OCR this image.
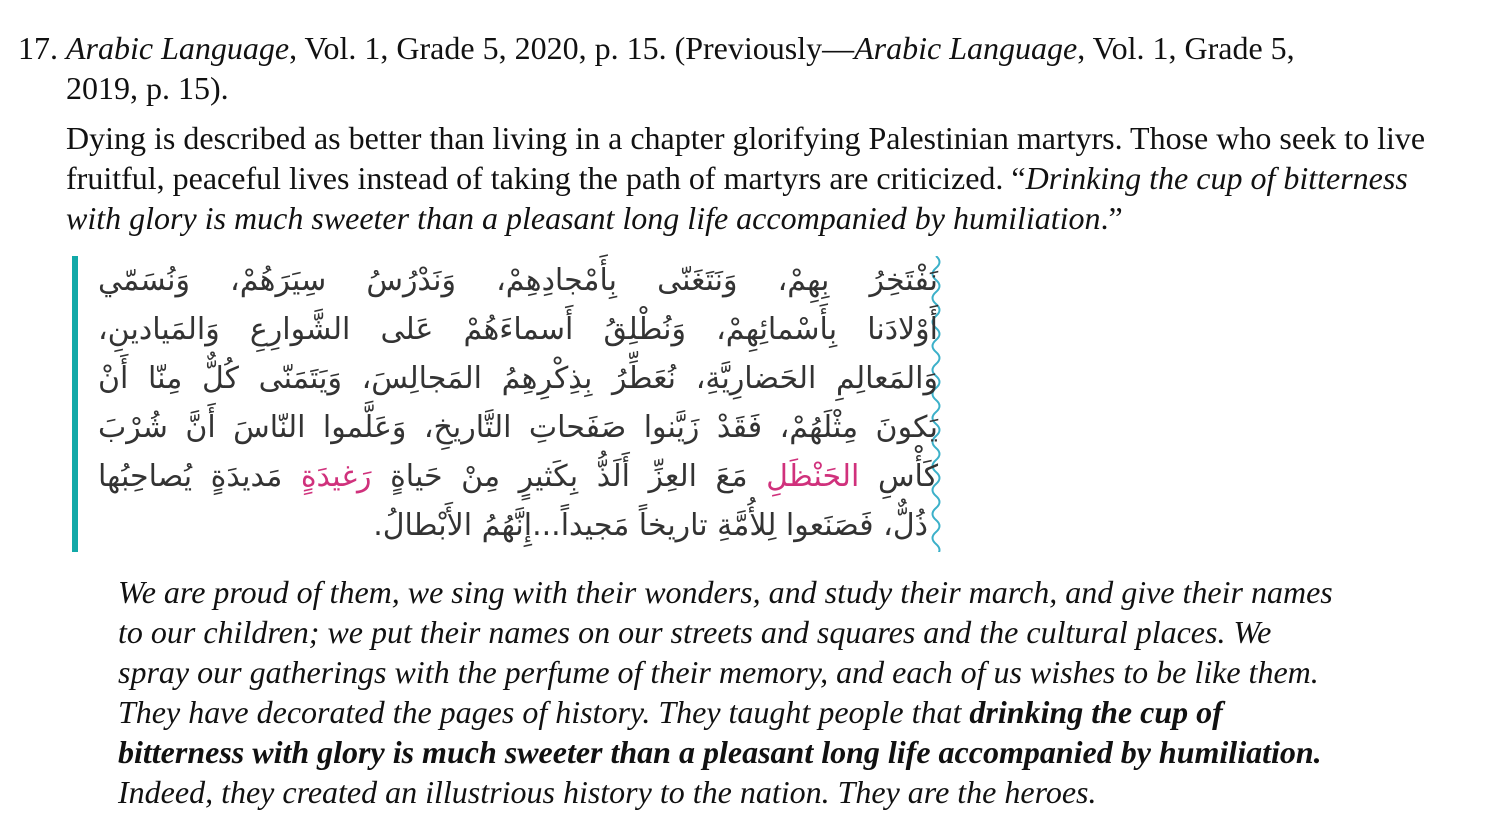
17. Arabic Language, Vol. 1, Grade 5, 2020, p. 15. (Previously—Arabic Language, Vol. 1, Grade 5,
2019, p. 15).
Dying is described as better than living in a chapter glorifying Palestinian martyrs. Those who seek to live fruitful, peaceful lives instead of taking the path of martyrs are criticized. “Drinking the cup of bitterness with glory is much sweeter than a pleasant long life accompanied by humiliation.”
نَفْتَخِرُ بِهِمْ، وَنَتَغَنّى بِأَمْجادِهِمْ، وَنَدْرُسُ سِيَرَهُمْ، وَنُسَمّي
أَوْلادَنا بِأَسْمائِهِمْ، وَنُطْلِقُ أَسماءَهُمْ عَلى الشَّوارِعِ وَالمَيادينِ،
وَالمَعالِمِ الحَضارِيَّةِ، نُعَطِّرُ بِذِكْرِهِمُ المَجالِسَ، وَيَتَمَنّى كُلٌّ مِنّا أَنْ
يَكونَ مِثْلَهُمْ، فَقَدْ زَيَّنوا صَفَحاتِ التَّاريخِ، وَعَلَّموا النّاسَ أَنَّ شُرْبَ
كَأْسِ الحَنْظَلِ مَعَ العِزِّ أَلَذُّ بِكَثيرٍ مِنْ حَياةٍ رَغيدَةٍ مَديدَةٍ يُصاحِبُها
ذُلٌّ، فَصَنَعوا لِلأُمَّةِ تاريخاً مَجيداً...إِنَّهُمُ الأَبْطالُ.
We are proud of them, we sing with their wonders, and study their march, and give their names
to our children; we put their names on our streets and squares and the cultural places. We
spray our gatherings with the perfume of their memory, and each of us wishes to be like them.
They have decorated the pages of history. They taught people that drinking the cup of
bitterness with glory is much sweeter than a pleasant long life accompanied by humiliation.
Indeed, they created an illustrious history to the nation. They are the heroes.
